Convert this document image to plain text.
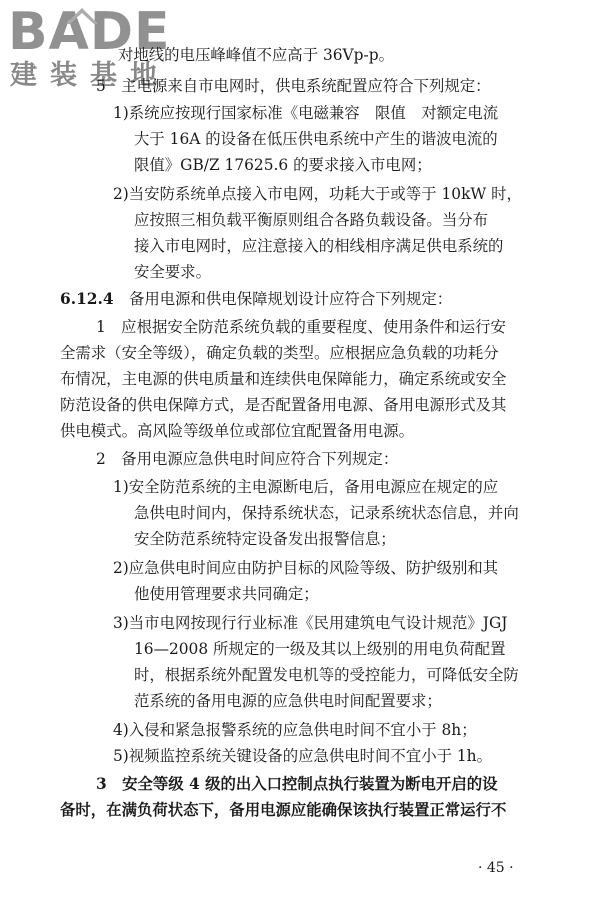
BADE
建装基地
对地线的电压峰峰值不应高于 36Vp-p。
5　主电源来自市电网时，供电系统配置应符合下列规定：
1)系统应按现行国家标准《电磁兼容　限值　对额定电流
大于 16A 的设备在低压供电系统中产生的谐波电流的
限值》GB/Z 17625.6 的要求接入市电网；
2)当安防系统单点接入市电网，功耗大于或等于 10kW 时，
应按照三相负载平衡原则组合各路负载设备。当分布
接入市电网时，应注意接入的相线相序满足供电系统的
安全要求。
6.12.4　备用电源和供电保障规划设计应符合下列规定：
1　应根据安全防范系统负载的重要程度、使用条件和运行安
全需求（安全等级），确定负载的类型。应根据应急负载的功耗分
布情况，主电源的供电质量和连续供电保障能力，确定系统或安全
防范设备的供电保障方式，是否配置备用电源、备用电源形式及其
供电模式。高风险等级单位或部位宜配置备用电源。
2　备用电源应急供电时间应符合下列规定：
1)安全防范系统的主电源断电后，备用电源应在规定的应
急供电时间内，保持系统状态，记录系统状态信息，并向
安全防范系统特定设备发出报警信息；
2)应急供电时间应由防护目标的风险等级、防护级别和其
他使用管理要求共同确定；
3)当市电网按现行行业标准《民用建筑电气设计规范》JGJ
16—2008 所规定的一级及其以上级别的用电负荷配置
时，根据系统外配置发电机等的受控能力，可降低安全防
范系统的备用电源的应急供电时间配置要求；
4)入侵和紧急报警系统的应急供电时间不宜小于 8h；
5)视频监控系统关键设备的应急供电时间不宜小于 1h。
3　安全等级 4 级的出入口控制点执行装置为断电开启的设
备时，在满负荷状态下，备用电源应能确保该执行装置正常运行不
· 45 ·
